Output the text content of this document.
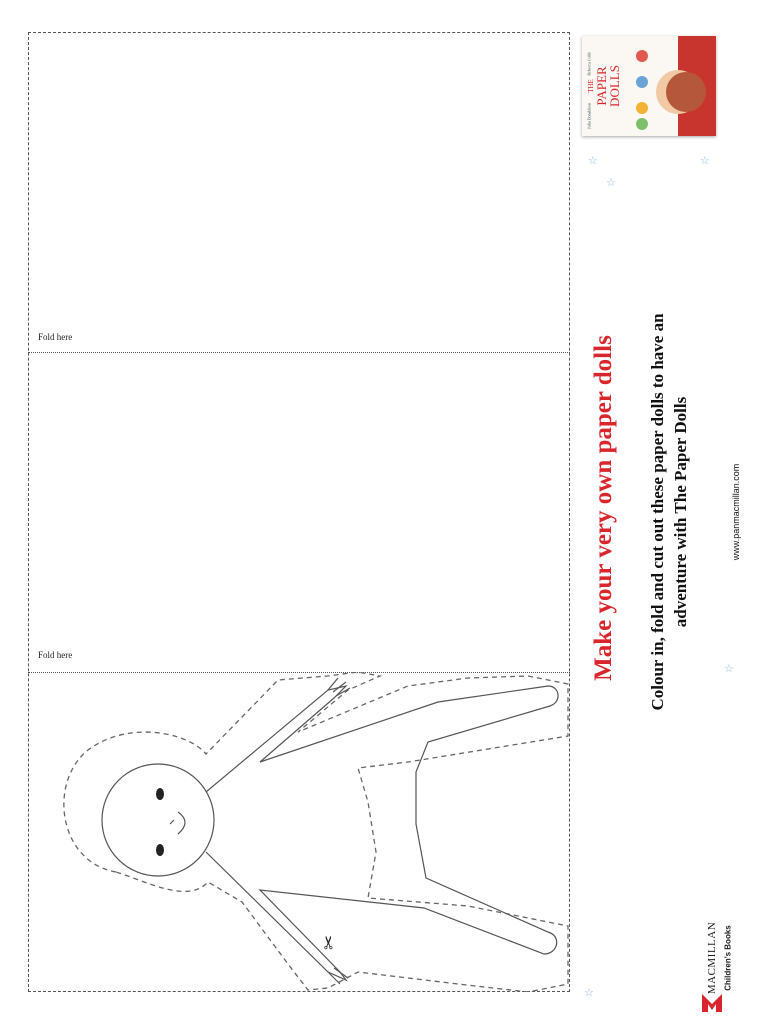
Fold here
Fold here
✂
THE PAPER
DOLLS
Julia Donaldson
Rebecca Cobb
Make your very own paper dolls Colour in, fold and cut out these paper dolls to have an adventure with The Paper Dolls	www.panmacmillan.com
☆
☆
☆
☆
☆	MACMILLAN Children's Books
